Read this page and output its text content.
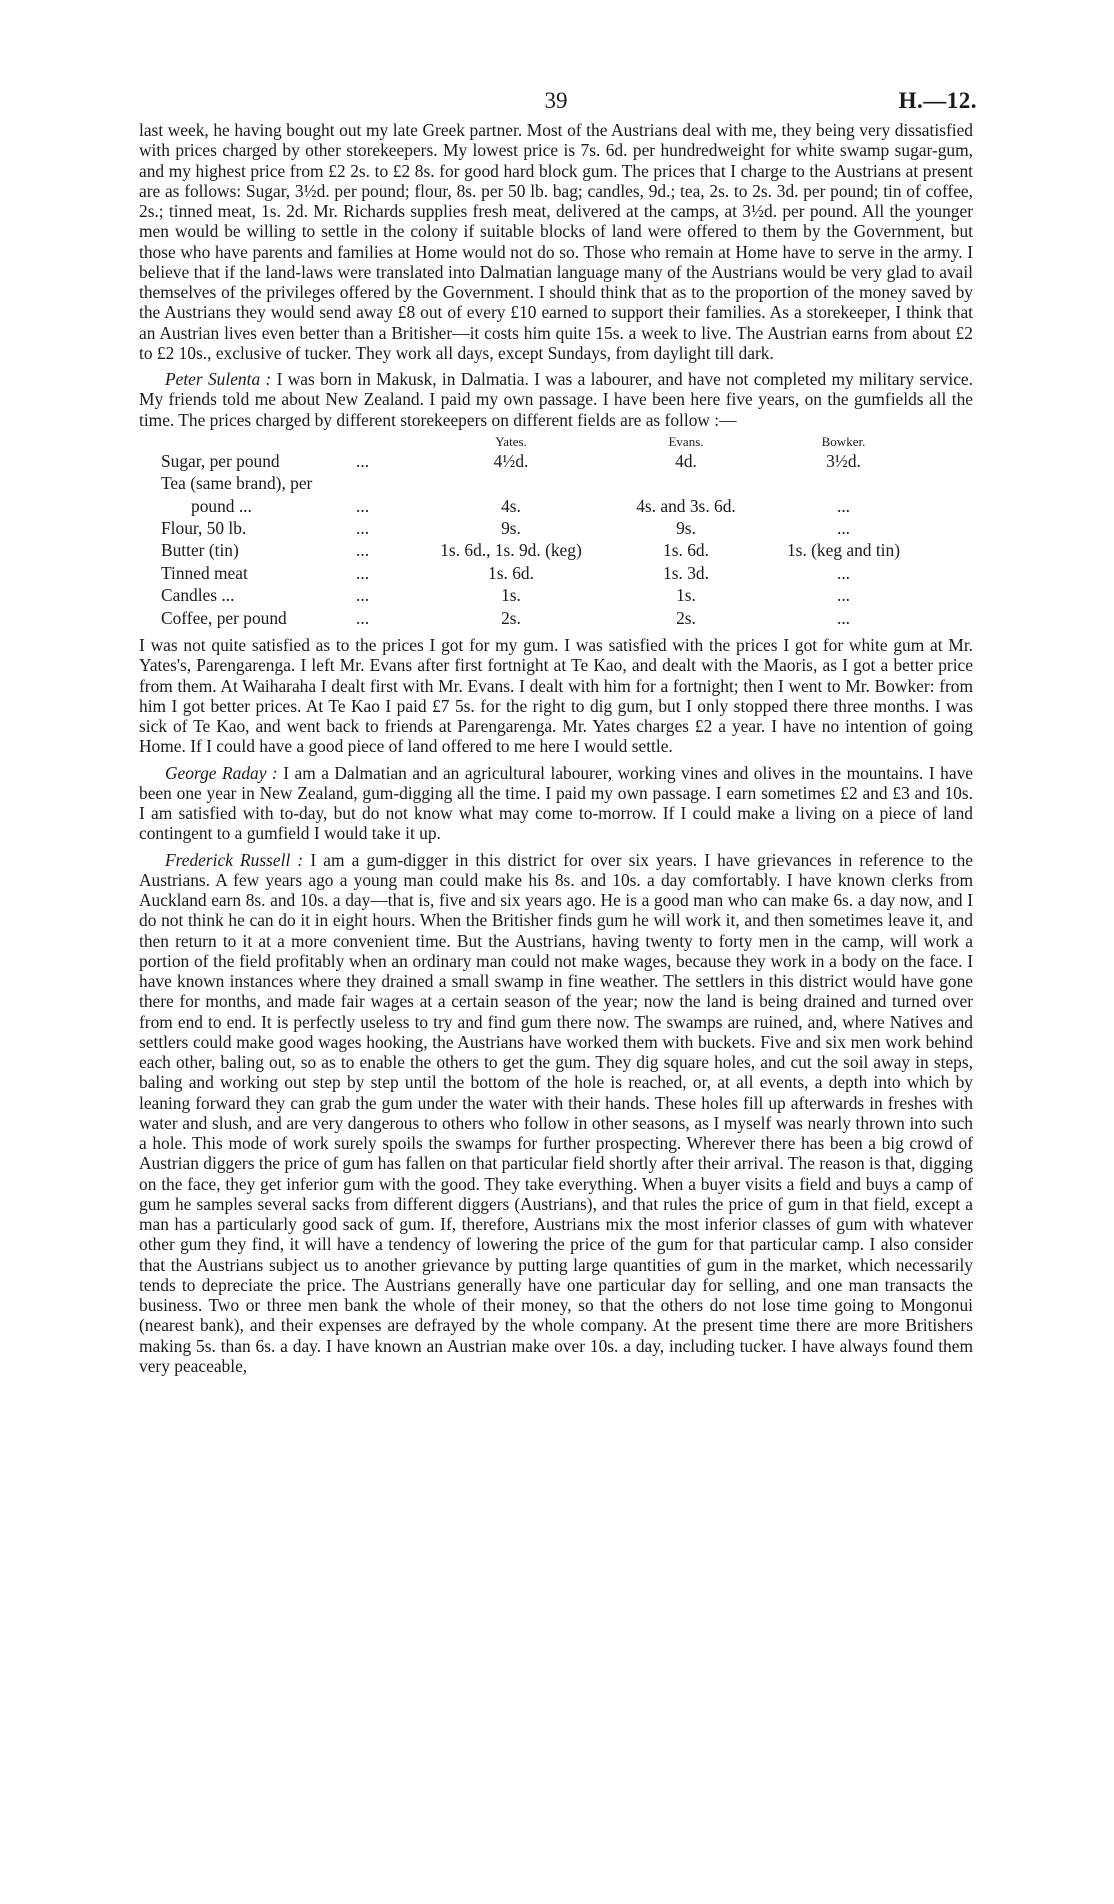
39	H.—12.

last week, he having bought out my late Greek partner. Most of the Austrians deal with me, they being very dissatisfied with prices charged by other storekeepers. My lowest price is 7s. 6d. per hundredweight for white swamp sugar-gum, and my highest price from £2 2s. to £2 8s. for good hard block gum. The prices that I charge to the Austrians at present are as follows: Sugar, 3½d. per pound; flour, 8s. per 50 lb. bag; candles, 9d.; tea, 2s. to 2s. 3d. per pound; tin of coffee, 2s.; tinned meat, 1s. 2d. Mr. Richards supplies fresh meat, delivered at the camps, at 3½d. per pound. All the younger men would be willing to settle in the colony if suitable blocks of land were offered to them by the Government, but those who have parents and families at Home would not do so. Those who remain at Home have to serve in the army. I believe that if the land-laws were translated into Dalmatian language many of the Austrians would be very glad to avail themselves of the privileges offered by the Government. I should think that as to the proportion of the money saved by the Austrians they would send away £8 out of every £10 earned to support their families. As a storekeeper, I think that an Austrian lives even better than a Britisher—it costs him quite 15s. a week to live. The Austrian earns from about £2 to £2 10s., exclusive of tucker. They work all days, except Sundays, from daylight till dark.

Peter Sulenta : I was born in Makusk, in Dalmatia. I was a labourer, and have not completed my military service. My friends told me about New Zealand. I paid my own passage. I have been here five years, on the gumfields all the time. The prices charged by different storekeepers on different fields are as follow :—

		Yates.	Evans.	Bowker.
Sugar, per pound	...	4½d.	4d.	3½d.
Tea (same brand), per				
pound ...	...	4s.	4s. and 3s. 6d.	...
Flour, 50 lb.	...	9s.	9s.	...
Butter (tin)	...	1s. 6d., 1s. 9d. (keg)	1s. 6d.	1s. (keg and tin)
Tinned meat	...	1s. 6d.	1s. 3d.	...
Candles ...	...	1s.	1s.	...
Coffee, per pound	...	2s.	2s.	...

I was not quite satisfied as to the prices I got for my gum. I was satisfied with the prices I got for white gum at Mr. Yates's, Parengarenga. I left Mr. Evans after first fortnight at Te Kao, and dealt with the Maoris, as I got a better price from them. At Waiharaha I dealt first with Mr. Evans. I dealt with him for a fortnight; then I went to Mr. Bowker: from him I got better prices. At Te Kao I paid £7 5s. for the right to dig gum, but I only stopped there three months. I was sick of Te Kao, and went back to friends at Parengarenga. Mr. Yates charges £2 a year. I have no intention of going Home. If I could have a good piece of land offered to me here I would settle.

George Raday : I am a Dalmatian and an agricultural labourer, working vines and olives in the mountains. I have been one year in New Zealand, gum-digging all the time. I paid my own passage. I earn sometimes £2 and £3 and 10s. I am satisfied with to-day, but do not know what may come to-morrow. If I could make a living on a piece of land contingent to a gumfield I would take it up.

Frederick Russell : I am a gum-digger in this district for over six years. I have grievances in reference to the Austrians. A few years ago a young man could make his 8s. and 10s. a day comfortably. I have known clerks from Auckland earn 8s. and 10s. a day—that is, five and six years ago. He is a good man who can make 6s. a day now, and I do not think he can do it in eight hours. When the Britisher finds gum he will work it, and then sometimes leave it, and then return to it at a more convenient time. But the Austrians, having twenty to forty men in the camp, will work a portion of the field profitably when an ordinary man could not make wages, because they work in a body on the face. I have known instances where they drained a small swamp in fine weather. The settlers in this district would have gone there for months, and made fair wages at a certain season of the year; now the land is being drained and turned over from end to end. It is perfectly useless to try and find gum there now. The swamps are ruined, and, where Natives and settlers could make good wages hooking, the Austrians have worked them with buckets. Five and six men work behind each other, baling out, so as to enable the others to get the gum. They dig square holes, and cut the soil away in steps, baling and working out step by step until the bottom of the hole is reached, or, at all events, a depth into which by leaning forward they can grab the gum under the water with their hands. These holes fill up afterwards in freshes with water and slush, and are very dangerous to others who follow in other seasons, as I myself was nearly thrown into such a hole. This mode of work surely spoils the swamps for further prospecting. Wherever there has been a big crowd of Austrian diggers the price of gum has fallen on that particular field shortly after their arrival. The reason is that, digging on the face, they get inferior gum with the good. They take everything. When a buyer visits a field and buys a camp of gum he samples several sacks from different diggers (Austrians), and that rules the price of gum in that field, except a man has a particularly good sack of gum. If, therefore, Austrians mix the most inferior classes of gum with whatever other gum they find, it will have a tendency of lowering the price of the gum for that particular camp. I also consider that the Austrians subject us to another grievance by putting large quantities of gum in the market, which necessarily tends to depreciate the price. The Austrians generally have one particular day for selling, and one man transacts the business. Two or three men bank the whole of their money, so that the others do not lose time going to Mongonui (nearest bank), and their expenses are defrayed by the whole company. At the present time there are more Britishers making 5s. than 6s. a day. I have known an Austrian make over 10s. a day, including tucker. I have always found them very peaceable,
